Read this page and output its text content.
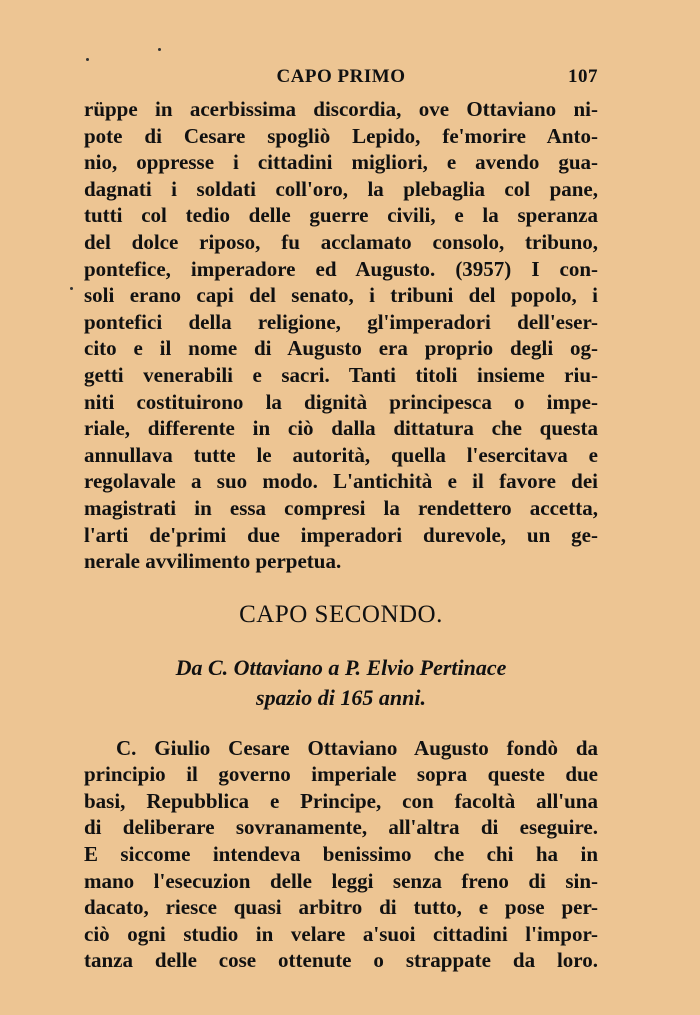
CAPO PRIMO	107

rüppe in acerbissima discordia, ove Ottaviano ni-
pote di Cesare spogliò Lepido, fe'morire Anto-
nio, oppresse i cittadini migliori, e avendo gua-
dagnati i soldati coll'oro, la plebaglia col pane,
tutti col tedio delle guerre civili, e la speranza
del dolce riposo, fu acclamato consolo, tribuno,
pontefice, imperadore ed Augusto. (3957) I con-
soli erano capi del senato, i tribuni del popolo, i
pontefici della religione, gl'imperadori dell'eser-
cito e il nome di Augusto era proprio degli og-
getti venerabili e sacri. Tanti titoli insieme riu-
niti costituirono la dignità principesca o impe-
riale, differente in ciò dalla dittatura che questa
annullava tutte le autorità, quella l'esercitava e
regolavale a suo modo. L'antichità e il favore dei
magistrati in essa compresi la rendettero accetta,
l'arti de'primi due imperadori durevole, un ge-
nerale avvilimento perpetua.

CAPO SECONDO.
Da C. Ottaviano a P. Elvio Pertinace
spazio di 165 anni.

C. Giulio Cesare Ottaviano Augusto fondò da
principio il governo imperiale sopra queste due
basi, Repubblica e Principe, con facoltà all'una
di deliberare sovranamente, all'altra di eseguire.
E siccome intendeva benissimo che chi ha in
mano l'esecuzion delle leggi senza freno di sin-
dacato, riesce quasi arbitro di tutto, e pose per-
ciò ogni studio in velare a'suoi cittadini l'impor-
tanza delle cose ottenute o strappate da loro.
